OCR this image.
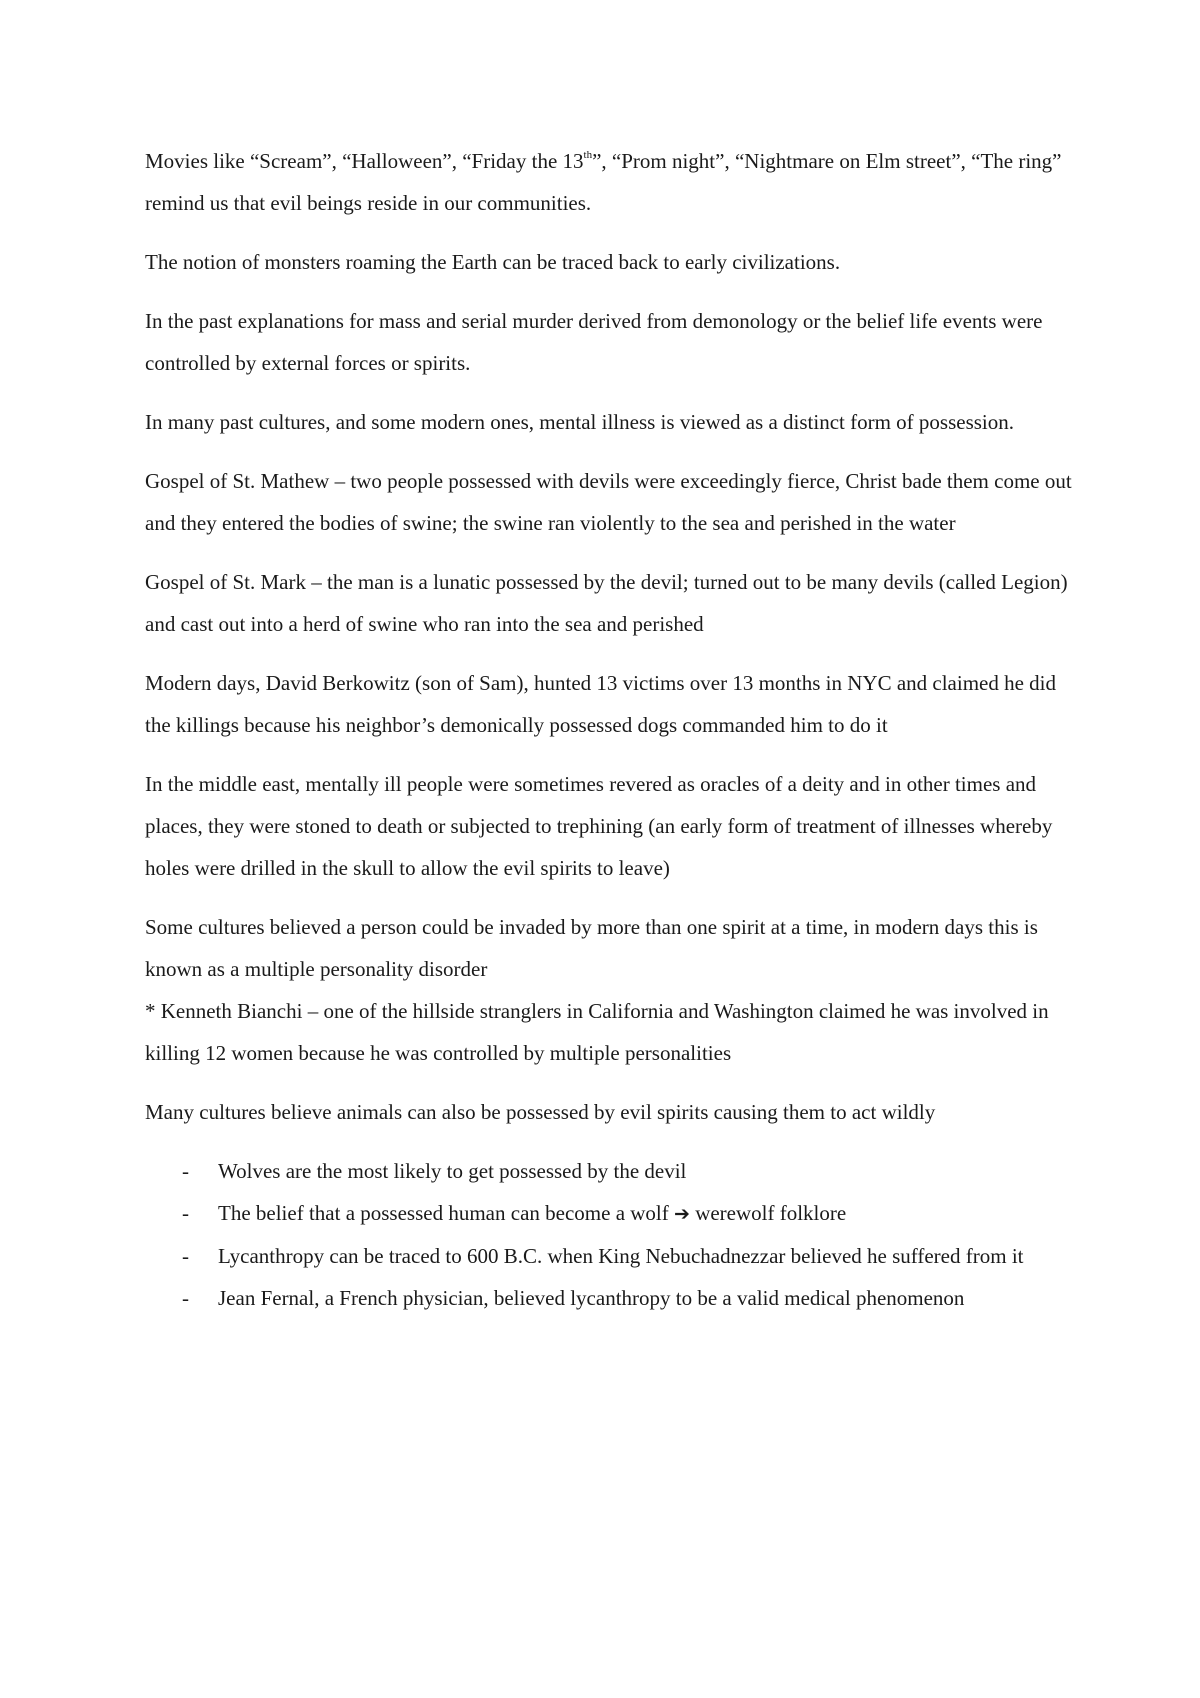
Movies like “Scream”, “Halloween”, “Friday the 13th”, “Prom night”, “Nightmare on Elm street”, “The ring” remind us that evil beings reside in our communities.

The notion of monsters roaming the Earth can be traced back to early civilizations.

In the past explanations for mass and serial murder derived from demonology or the belief life events were controlled by external forces or spirits.

In many past cultures, and some modern ones, mental illness is viewed as a distinct form of possession.

Gospel of St. Mathew – two people possessed with devils were exceedingly fierce, Christ bade them come out and they entered the bodies of swine; the swine ran violently to the sea and perished in the water

Gospel of St. Mark – the man is a lunatic possessed by the devil; turned out to be many devils (called Legion) and cast out into a herd of swine who ran into the sea and perished

Modern days, David Berkowitz (son of Sam), hunted 13 victims over 13 months in NYC and claimed he did the killings because his neighbor’s demonically possessed dogs commanded him to do it

In the middle east, mentally ill people were sometimes revered as oracles of a deity and in other times and places, they were stoned to death or subjected to trephining (an early form of treatment of illnesses whereby holes were drilled in the skull to allow the evil spirits to leave)

Some cultures believed a person could be invaded by more than one spirit at a time, in modern days this is known as a multiple personality disorder

* Kenneth Bianchi – one of the hillside stranglers in California and Washington claimed he was involved in killing 12 women because he was controlled by multiple personalities

Many cultures believe animals can also be possessed by evil spirits causing them to act wildly

- Wolves are the most likely to get possessed by the devil
- The belief that a possessed human can become a wolf ➔ werewolf folklore
- Lycanthropy can be traced to 600 B.C. when King Nebuchadnezzar believed he suffered from it
- Jean Fernal, a French physician, believed lycanthropy to be a valid medical phenomenon
